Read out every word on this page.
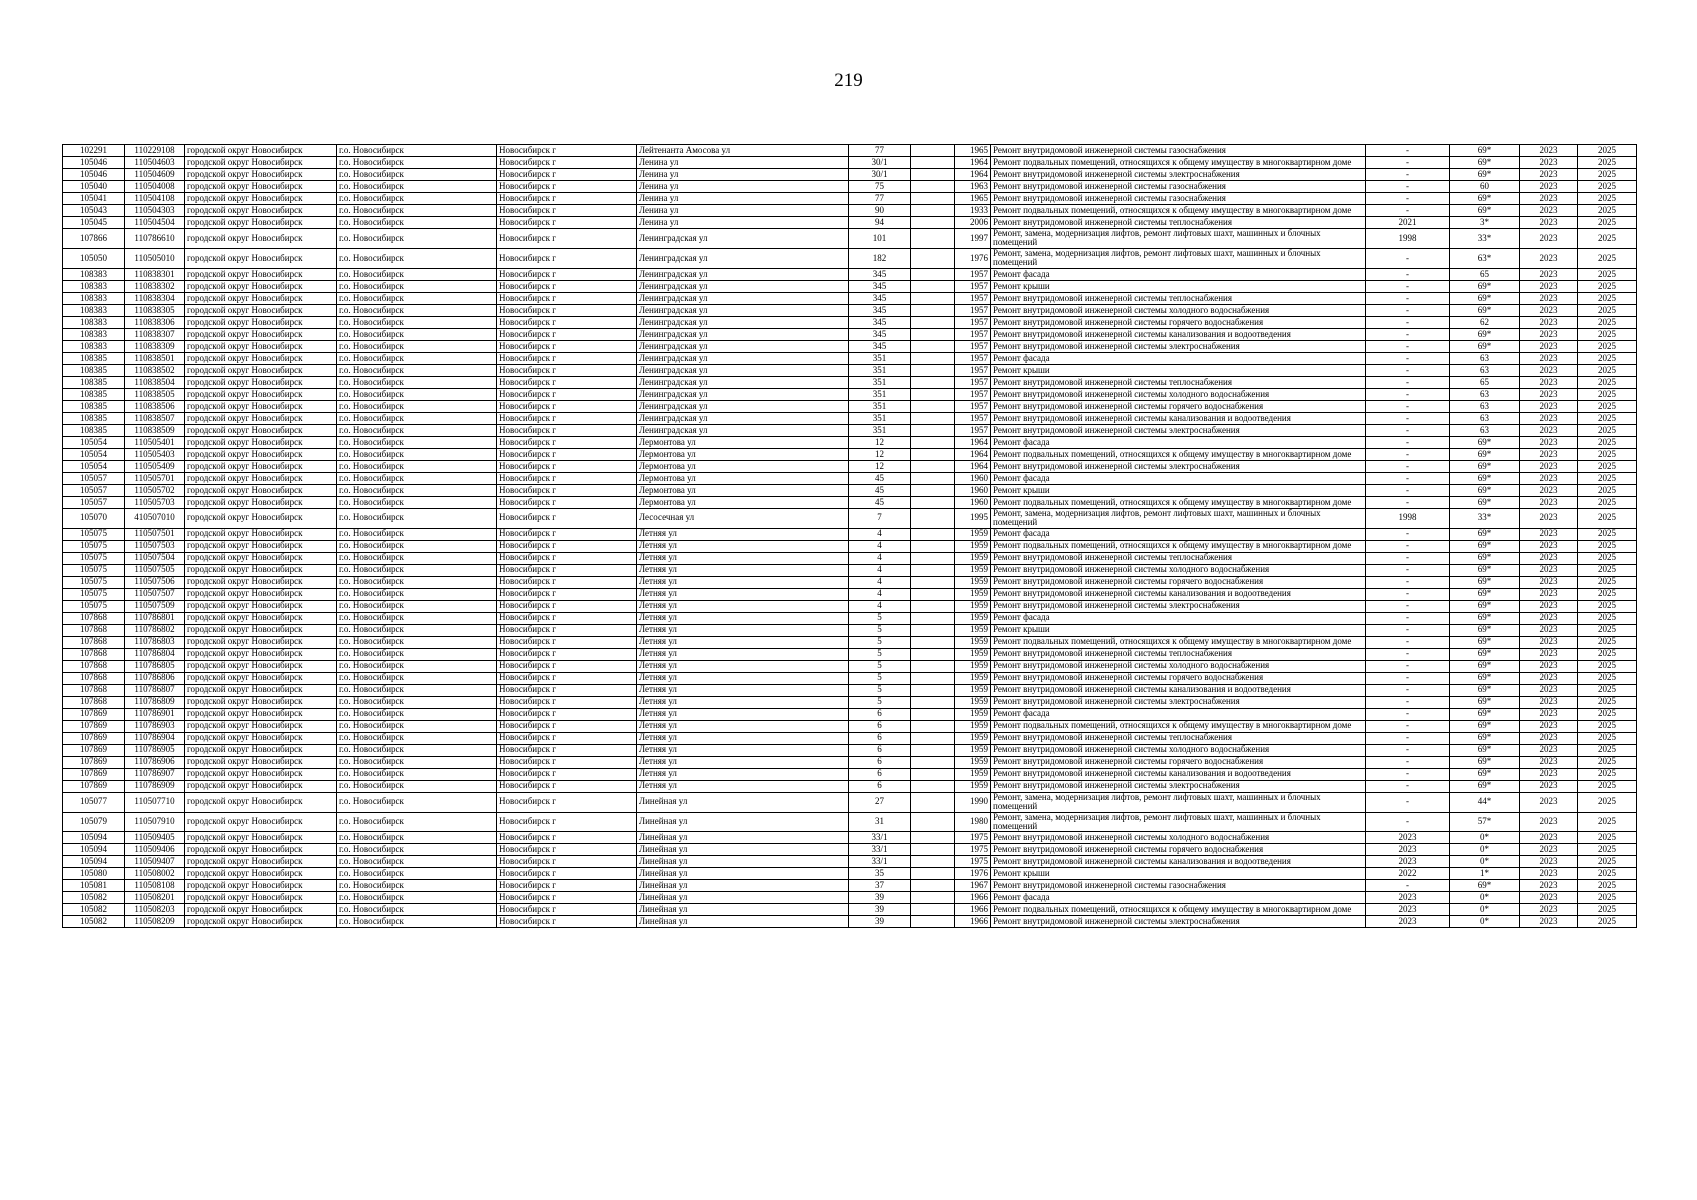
219
102291	110229108	городской округ Новосибирск	г.о. Новосибирск	Новосибирск г	Лейтенанта Амосова ул	77		1965	Ремонт внутридомовой инженерной системы газоснабжения	-	69*	2023	2025
105046	110504603	городской округ Новосибирск	г.о. Новосибирск	Новосибирск г	Ленина ул	30/1		1964	Ремонт подвальных помещений, относящихся к общему имуществу в многоквартирном доме	-	69*	2023	2025
105046	110504609	городской округ Новосибирск	г.о. Новосибирск	Новосибирск г	Ленина ул	30/1		1964	Ремонт внутридомовой инженерной системы электроснабжения	-	69*	2023	2025
105040	110504008	городской округ Новосибирск	г.о. Новосибирск	Новосибирск г	Ленина ул	75		1963	Ремонт внутридомовой инженерной системы газоснабжения	-	60	2023	2025
105041	110504108	городской округ Новосибирск	г.о. Новосибирск	Новосибирск г	Ленина ул	77		1965	Ремонт внутридомовой инженерной системы газоснабжения	-	69*	2023	2025
105043	110504303	городской округ Новосибирск	г.о. Новосибирск	Новосибирск г	Ленина ул	90		1933	Ремонт подвальных помещений, относящихся к общему имуществу в многоквартирном доме	-	69*	2023	2025
105045	110504504	городской округ Новосибирск	г.о. Новосибирск	Новосибирск г	Ленина ул	94		2006	Ремонт внутридомовой инженерной системы теплоснабжения	2021	3*	2023	2025
107866	110786610	городской округ Новосибирск	г.о. Новосибирск	Новосибирск г	Ленинградская ул	101		1997	Ремонт, замена, модернизация лифтов, ремонт лифтовых шахт, машинных и блочных помещений	1998	33*	2023	2025
105050	110505010	городской округ Новосибирск	г.о. Новосибирск	Новосибирск г	Ленинградская ул	182		1976	Ремонт, замена, модернизация лифтов, ремонт лифтовых шахт, машинных и блочных помещений	-	63*	2023	2025
108383	110838301	городской округ Новосибирск	г.о. Новосибирск	Новосибирск г	Ленинградская ул	345		1957	Ремонт фасада	-	65	2023	2025
108383	110838302	городской округ Новосибирск	г.о. Новосибирск	Новосибирск г	Ленинградская ул	345		1957	Ремонт крыши	-	69*	2023	2025
108383	110838304	городской округ Новосибирск	г.о. Новосибирск	Новосибирск г	Ленинградская ул	345		1957	Ремонт внутридомовой инженерной системы теплоснабжения	-	69*	2023	2025
108383	110838305	городской округ Новосибирск	г.о. Новосибирск	Новосибирск г	Ленинградская ул	345		1957	Ремонт внутридомовой инженерной системы холодного водоснабжения	-	69*	2023	2025
108383	110838306	городской округ Новосибирск	г.о. Новосибирск	Новосибирск г	Ленинградская ул	345		1957	Ремонт внутридомовой инженерной системы горячего водоснабжения	-	62	2023	2025
108383	110838307	городской округ Новосибирск	г.о. Новосибирск	Новосибирск г	Ленинградская ул	345		1957	Ремонт внутридомовой инженерной системы канализования и водоотведения	-	69*	2023	2025
108383	110838309	городской округ Новосибирск	г.о. Новосибирск	Новосибирск г	Ленинградская ул	345		1957	Ремонт внутридомовой инженерной системы электроснабжения	-	69*	2023	2025
108385	110838501	городской округ Новосибирск	г.о. Новосибирск	Новосибирск г	Ленинградская ул	351		1957	Ремонт фасада	-	63	2023	2025
108385	110838502	городской округ Новосибирск	г.о. Новосибирск	Новосибирск г	Ленинградская ул	351		1957	Ремонт крыши	-	63	2023	2025
108385	110838504	городской округ Новосибирск	г.о. Новосибирск	Новосибирск г	Ленинградская ул	351		1957	Ремонт внутридомовой инженерной системы теплоснабжения	-	65	2023	2025
108385	110838505	городской округ Новосибирск	г.о. Новосибирск	Новосибирск г	Ленинградская ул	351		1957	Ремонт внутридомовой инженерной системы холодного водоснабжения	-	63	2023	2025
108385	110838506	городской округ Новосибирск	г.о. Новосибирск	Новосибирск г	Ленинградская ул	351		1957	Ремонт внутридомовой инженерной системы горячего водоснабжения	-	63	2023	2025
108385	110838507	городской округ Новосибирск	г.о. Новосибирск	Новосибирск г	Ленинградская ул	351		1957	Ремонт внутридомовой инженерной системы канализования и водоотведения	-	63	2023	2025
108385	110838509	городской округ Новосибирск	г.о. Новосибирск	Новосибирск г	Ленинградская ул	351		1957	Ремонт внутридомовой инженерной системы электроснабжения	-	63	2023	2025
105054	110505401	городской округ Новосибирск	г.о. Новосибирск	Новосибирск г	Лермонтова ул	12		1964	Ремонт фасада	-	69*	2023	2025
105054	110505403	городской округ Новосибирск	г.о. Новосибирск	Новосибирск г	Лермонтова ул	12		1964	Ремонт подвальных помещений, относящихся к общему имуществу в многоквартирном доме	-	69*	2023	2025
105054	110505409	городской округ Новосибирск	г.о. Новосибирск	Новосибирск г	Лермонтова ул	12		1964	Ремонт внутридомовой инженерной системы электроснабжения	-	69*	2023	2025
105057	110505701	городской округ Новосибирск	г.о. Новосибирск	Новосибирск г	Лермонтова ул	45		1960	Ремонт фасада	-	69*	2023	2025
105057	110505702	городской округ Новосибирск	г.о. Новосибирск	Новосибирск г	Лермонтова ул	45		1960	Ремонт крыши	-	69*	2023	2025
105057	110505703	городской округ Новосибирск	г.о. Новосибирск	Новосибирск г	Лермонтова ул	45		1960	Ремонт подвальных помещений, относящихся к общему имуществу в многоквартирном доме	-	69*	2023	2025
105070	410507010	городской округ Новосибирск	г.о. Новосибирск	Новосибирск г	Лесосечная ул	7		1995	Ремонт, замена, модернизация лифтов, ремонт лифтовых шахт, машинных и блочных помещений	1998	33*	2023	2025
105075	110507501	городской округ Новосибирск	г.о. Новосибирск	Новосибирск г	Летняя ул	4		1959	Ремонт фасада	-	69*	2023	2025
105075	110507503	городской округ Новосибирск	г.о. Новосибирск	Новосибирск г	Летняя ул	4		1959	Ремонт подвальных помещений, относящихся к общему имуществу в многоквартирном доме	-	69*	2023	2025
105075	110507504	городской округ Новосибирск	г.о. Новосибирск	Новосибирск г	Летняя ул	4		1959	Ремонт внутридомовой инженерной системы теплоснабжения	-	69*	2023	2025
105075	110507505	городской округ Новосибирск	г.о. Новосибирск	Новосибирск г	Летняя ул	4		1959	Ремонт внутридомовой инженерной системы холодного водоснабжения	-	69*	2023	2025
105075	110507506	городской округ Новосибирск	г.о. Новосибирск	Новосибирск г	Летняя ул	4		1959	Ремонт внутридомовой инженерной системы горячего водоснабжения	-	69*	2023	2025
105075	110507507	городской округ Новосибирск	г.о. Новосибирск	Новосибирск г	Летняя ул	4		1959	Ремонт внутридомовой инженерной системы канализования и водоотведения	-	69*	2023	2025
105075	110507509	городской округ Новосибирск	г.о. Новосибирск	Новосибирск г	Летняя ул	4		1959	Ремонт внутридомовой инженерной системы электроснабжения	-	69*	2023	2025
107868	110786801	городской округ Новосибирск	г.о. Новосибирск	Новосибирск г	Летняя ул	5		1959	Ремонт фасада	-	69*	2023	2025
107868	110786802	городской округ Новосибирск	г.о. Новосибирск	Новосибирск г	Летняя ул	5		1959	Ремонт крыши	-	69*	2023	2025
107868	110786803	городской округ Новосибирск	г.о. Новосибирск	Новосибирск г	Летняя ул	5		1959	Ремонт подвальных помещений, относящихся к общему имуществу в многоквартирном доме	-	69*	2023	2025
107868	110786804	городской округ Новосибирск	г.о. Новосибирск	Новосибирск г	Летняя ул	5		1959	Ремонт внутридомовой инженерной системы теплоснабжения	-	69*	2023	2025
107868	110786805	городской округ Новосибирск	г.о. Новосибирск	Новосибирск г	Летняя ул	5		1959	Ремонт внутридомовой инженерной системы холодного водоснабжения	-	69*	2023	2025
107868	110786806	городской округ Новосибирск	г.о. Новосибирск	Новосибирск г	Летняя ул	5		1959	Ремонт внутридомовой инженерной системы горячего водоснабжения	-	69*	2023	2025
107868	110786807	городской округ Новосибирск	г.о. Новосибирск	Новосибирск г	Летняя ул	5		1959	Ремонт внутридомовой инженерной системы канализования и водоотведения	-	69*	2023	2025
107868	110786809	городской округ Новосибирск	г.о. Новосибирск	Новосибирск г	Летняя ул	5		1959	Ремонт внутридомовой инженерной системы электроснабжения	-	69*	2023	2025
107869	110786901	городской округ Новосибирск	г.о. Новосибирск	Новосибирск г	Летняя ул	6		1959	Ремонт фасада	-	69*	2023	2025
107869	110786903	городской округ Новосибирск	г.о. Новосибирск	Новосибирск г	Летняя ул	6		1959	Ремонт подвальных помещений, относящихся к общему имуществу в многоквартирном доме	-	69*	2023	2025
107869	110786904	городской округ Новосибирск	г.о. Новосибирск	Новосибирск г	Летняя ул	6		1959	Ремонт внутридомовой инженерной системы теплоснабжения	-	69*	2023	2025
107869	110786905	городской округ Новосибирск	г.о. Новосибирск	Новосибирск г	Летняя ул	6		1959	Ремонт внутридомовой инженерной системы холодного водоснабжения	-	69*	2023	2025
107869	110786906	городской округ Новосибирск	г.о. Новосибирск	Новосибирск г	Летняя ул	6		1959	Ремонт внутридомовой инженерной системы горячего водоснабжения	-	69*	2023	2025
107869	110786907	городской округ Новосибирск	г.о. Новосибирск	Новосибирск г	Летняя ул	6		1959	Ремонт внутридомовой инженерной системы канализования и водоотведения	-	69*	2023	2025
107869	110786909	городской округ Новосибирск	г.о. Новосибирск	Новосибирск г	Летняя ул	6		1959	Ремонт внутридомовой инженерной системы электроснабжения	-	69*	2023	2025
105077	110507710	городской округ Новосибирск	г.о. Новосибирск	Новосибирск г	Линейная ул	27		1990	Ремонт, замена, модернизация лифтов, ремонт лифтовых шахт, машинных и блочных помещений	-	44*	2023	2025
105079	110507910	городской округ Новосибирск	г.о. Новосибирск	Новосибирск г	Линейная ул	31		1980	Ремонт, замена, модернизация лифтов, ремонт лифтовых шахт, машинных и блочных помещений	-	57*	2023	2025
105094	110509405	городской округ Новосибирск	г.о. Новосибирск	Новосибирск г	Линейная ул	33/1		1975	Ремонт внутридомовой инженерной системы холодного водоснабжения	2023	0*	2023	2025
105094	110509406	городской округ Новосибирск	г.о. Новосибирск	Новосибирск г	Линейная ул	33/1		1975	Ремонт внутридомовой инженерной системы горячего водоснабжения	2023	0*	2023	2025
105094	110509407	городской округ Новосибирск	г.о. Новосибирск	Новосибирск г	Линейная ул	33/1		1975	Ремонт внутридомовой инженерной системы канализования и водоотведения	2023	0*	2023	2025
105080	110508002	городской округ Новосибирск	г.о. Новосибирск	Новосибирск г	Линейная ул	35		1976	Ремонт крыши	2022	1*	2023	2025
105081	110508108	городской округ Новосибирск	г.о. Новосибирск	Новосибирск г	Линейная ул	37		1967	Ремонт внутридомовой инженерной системы газоснабжения	-	69*	2023	2025
105082	110508201	городской округ Новосибирск	г.о. Новосибирск	Новосибирск г	Линейная ул	39		1966	Ремонт фасада	2023	0*	2023	2025
105082	110508203	городской округ Новосибирск	г.о. Новосибирск	Новосибирск г	Линейная ул	39		1966	Ремонт подвальных помещений, относящихся к общему имуществу в многоквартирном доме	2023	0*	2023	2025
105082	110508209	городской округ Новосибирск	г.о. Новосибирск	Новосибирск г	Линейная ул	39		1966	Ремонт внутридомовой инженерной системы электроснабжения	2023	0*	2023	2025
